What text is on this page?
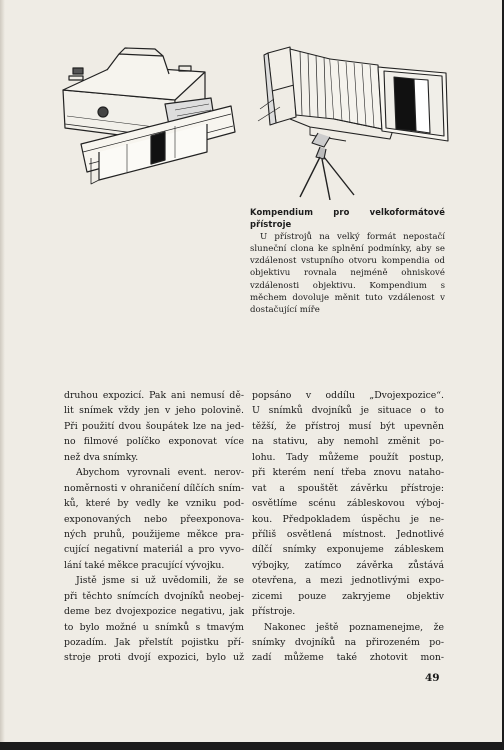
Kompendium pro velkoformátové přístroje
U přístrojů na velký formát nepostačí sluneční clona ke splnění podmínky, aby se vzdálenost vstupního otvoru kompendia od objektivu rovnala nejméně ohniskové vzdálenosti objektivu. Kompendium s měchem dovoluje měnit tuto vzdálenost v dostačující míře
druhou expozicí. Pak ani nemusí dě-
lit snímek vždy jen v jeho polovině.
Při použití dvou šoupátek lze na jed-
no filmové políčko exponovat více
než dva snímky.
Abychom vyrovnali event. nerov-
noměrnosti v ohraničení dílčích sním-
ků, které by vedly ke vzniku pod-
exponovaných nebo přeexponova-
ných pruhů, použijeme měkce pra-
cující negativní materiál a pro vyvo-
lání také měkce pracující vývojku.
Jistě jsme si už uvědomili, že se
při těchto snímcích dvojníků neobej-
deme bez dvojexpozice negativu, jak
to bylo možné u snímků s tmavým
pozadím. Jak přelstít pojistku pří-
stroje proti dvojí expozici, bylo už
popsáno v oddílu „Dvojexpozice“.
U snímků dvojníků je situace o to
těžší, že přístroj musí být upevněn
na stativu, aby nemohl změnit po-
lohu. Tady můžeme použít postup,
při kterém není třeba znovu nataho-
vat a spouštět závěrku přístroje:
osvětlíme scénu zábleskovou výboj-
kou. Předpokladem úspěchu je ne-
příliš osvětlená místnost. Jednotlivé
dílčí snímky exponujeme zábleskem
výbojky, zatímco závěrka zůstává
otevřena, a mezi jednotlivými expo-
zicemi pouze zakryjeme objektiv
přístroje.
Nakonec ještě poznamenejme, že
snímky dvojníků na přirozeném po-
zadí můžeme také zhotovit mon-
49
